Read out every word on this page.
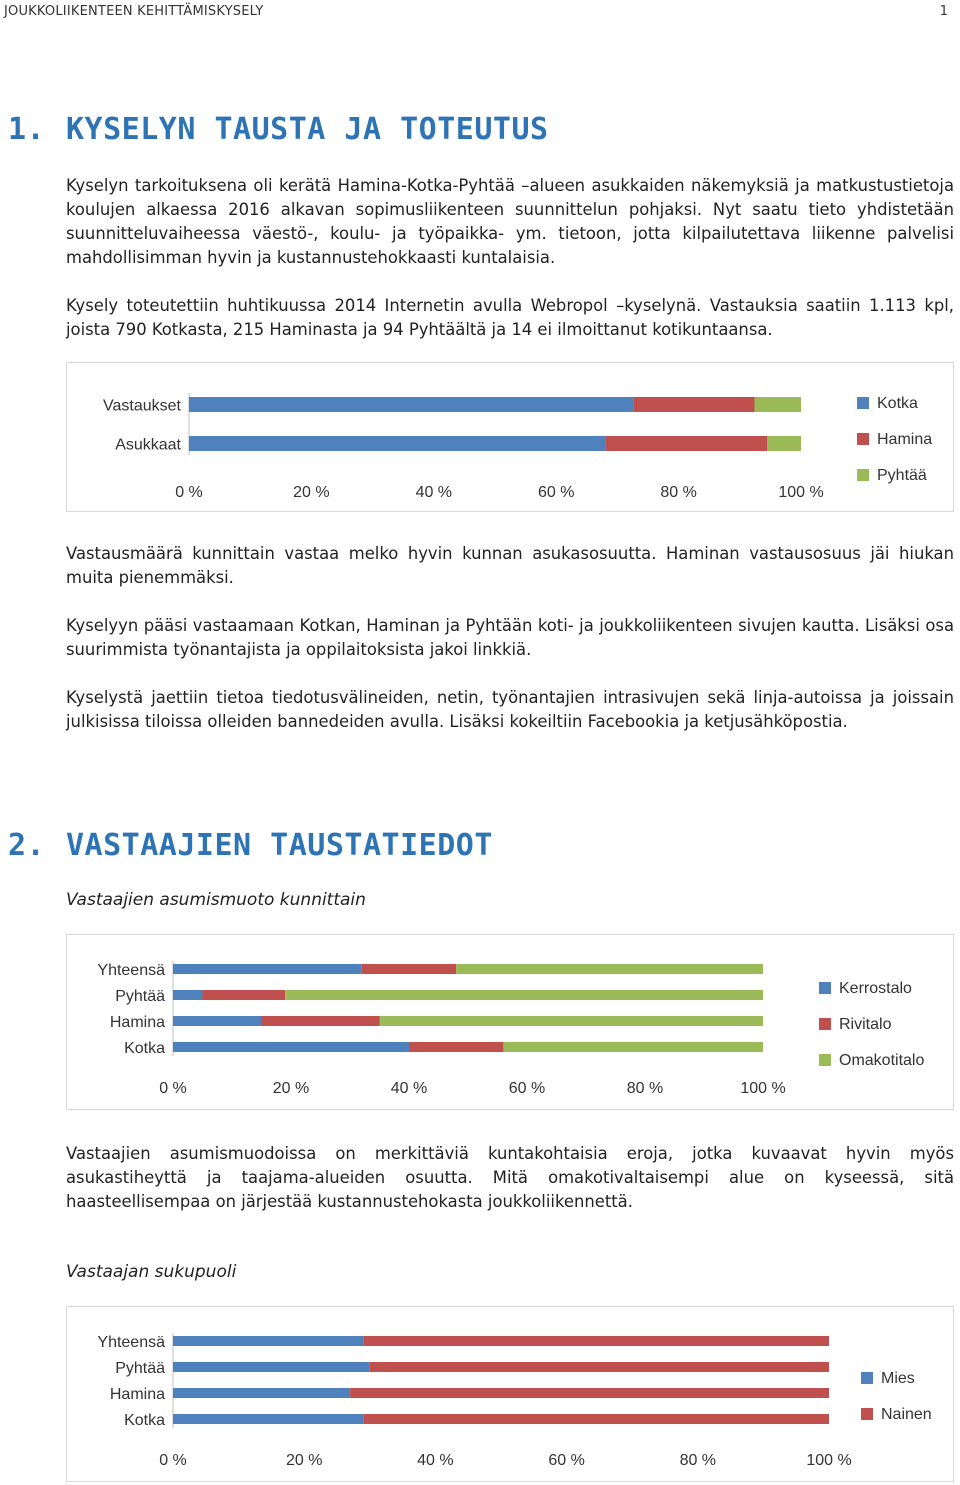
JOUKKOLIIKENTEEN KEHITTÄMISKYSELY	1
1. KYSELYN TAUSTA JA TOTEUTUS
Kyselyn tarkoituksena oli kerätä Hamina-Kotka-Pyhtää –alueen asukkaiden näkemyksiä ja matkustustietoja koulujen alkaessa 2016 alkavan sopimusliikenteen suunnittelun pohjaksi. Nyt saatu tieto yhdistetään suunnitteluvaiheessa väestö-, koulu- ja työpaikka- ym. tietoon, jotta kilpailutettava liikenne palvelisi mahdollisimman hyvin ja kustannustehokkaasti kuntalaisia.
Kysely toteutettiin huhtikuussa 2014 Internetin avulla Webropol –kyselynä. Vastauksia saatiin 1.113 kpl, joista 790 Kotkasta, 215 Haminasta ja 94 Pyhtäältä ja 14 ei ilmoittanut kotikuntaansa.
Vastaukset
Asukkaat
0 %	20 %	40 %	60 %	80 %	100 %
Kotka
Hamina
Pyhtää
Vastausmäärä kunnittain vastaa melko hyvin kunnan asukasosuutta. Haminan vastausosuus jäi hiukan muita pienemmäksi.
Kyselyyn pääsi vastaamaan Kotkan, Haminan ja Pyhtään koti- ja joukkoliikenteen sivujen kautta. Lisäksi osa suurimmista työnantajista ja oppilaitoksista jakoi linkkiä.
Kyselystä jaettiin tietoa tiedotusvälineiden, netin, työnantajien intrasivujen sekä linja-autoissa ja joissain julkisissa tiloissa olleiden bannedeiden avulla. Lisäksi kokeiltiin Facebookia ja ketjusähköpostia.
2. VASTAAJIEN TAUSTATIEDOT
Vastaajien asumismuoto kunnittain
Yhteensä
Pyhtää
Hamina
Kotka
0 %	20 %	40 %	60 %	80 %	100 %
Kerrostalo
Rivitalo
Omakotitalo
Vastaajien asumismuodoissa on merkittäviä kuntakohtaisia eroja, jotka kuvaavat hyvin myös asukastiheyttä ja taajama-alueiden osuutta. Mitä omakotivaltaisempi alue on kyseessä, sitä haasteellisempaa on järjestää kustannustehokasta joukkoliikennettä.
Vastaajan sukupuoli
Yhteensä
Pyhtää
Hamina
Kotka
0 %	20 %	40 %	60 %	80 %	100 %
Mies
Nainen
